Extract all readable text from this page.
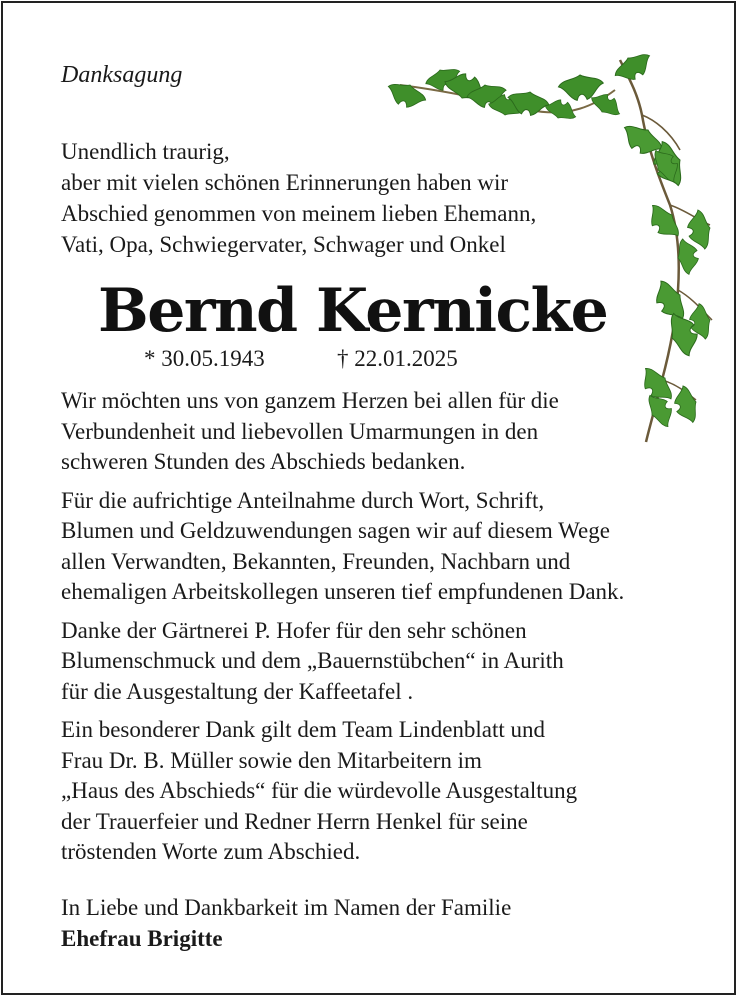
Danksagung
Unendlich traurig,
aber mit vielen schönen Erinnerungen haben wir
Abschied genommen von meinem lieben Ehemann,
Vati, Opa, Schwiegervater, Schwager und Onkel
Bernd Kernicke
* 30.05.1943	† 22.01.2025
Wir möchten uns von ganzem Herzen bei allen für die
Verbundenheit und liebevollen Umarmungen in den
schweren Stunden des Abschieds bedanken.
Für die aufrichtige Anteilnahme durch Wort, Schrift,
Blumen und Geldzuwendungen sagen wir auf diesem Wege
allen Verwandten, Bekannten, Freunden, Nachbarn und
ehemaligen Arbeitskollegen unseren tief empfundenen Dank.
Danke der Gärtnerei P. Hofer für den sehr schönen
Blumenschmuck und dem „Bauernstübchen“ in Aurith
für die Ausgestaltung der Kaffeetafel .
Ein besonderer Dank gilt dem Team Lindenblatt und
Frau Dr. B. Müller sowie den Mitarbeitern im
„Haus des Abschieds“ für die würdevolle Ausgestaltung
der Trauerfeier und Redner Herrn Henkel für seine
tröstenden Worte zum Abschied.
In Liebe und Dankbarkeit im Namen der Familie
Ehefrau Brigitte
